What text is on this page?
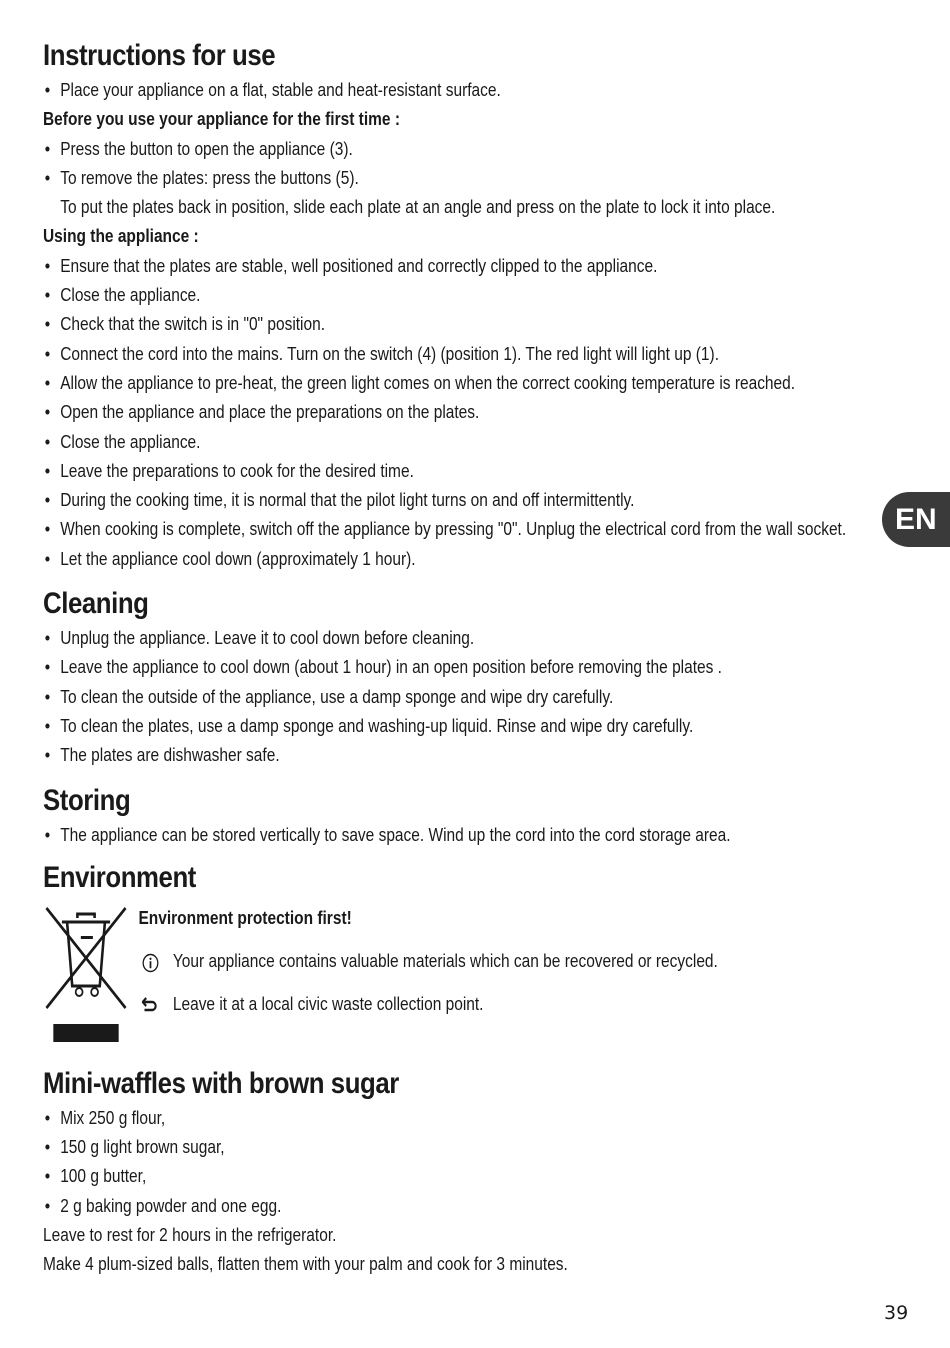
Instructions for use
• Place your appliance on a flat, stable and heat-resistant surface.

Before you use your appliance for the first time :

• Press the button to open the appliance (3).
• To remove the plates: press the buttons (5).

To put the plates back in position, slide each plate at an angle and press on the plate to lock it into place.

Using the appliance :

• Ensure that the plates are stable, well positioned and correctly clipped to the appliance.
• Close the appliance.
• Check that the switch is in "0" position.
• Connect the cord into the mains. Turn on the switch (4) (position 1). The red light will light up (1).
• Allow the appliance to pre-heat, the green light comes on when the correct cooking temperature is reached.
• Open the appliance and place the preparations on the plates.
• Close the appliance.
• Leave the preparations to cook for the desired time.
• During the cooking time, it is normal that the pilot light turns on and off intermittently.
• When cooking is complete, switch off the appliance by pressing "0". Unplug the electrical cord from the wall socket.
• Let the appliance cool down (approximately 1 hour).
Cleaning
• Unplug the appliance. Leave it to cool down before cleaning.
• Leave the appliance to cool down (about 1 hour) in an open position before removing the plates .
• To clean the outside of the appliance, use a damp sponge and wipe dry carefully.
• To clean the plates, use a damp sponge and washing-up liquid. Rinse and wipe dry carefully.
• The plates are dishwasher safe.
Storing
• The appliance can be stored vertically to save space. Wind up the cord into the cord storage area.
Environment

Environment protection first!

Your appliance contains valuable materials which can be recovered or recycled.
Leave it at a local civic waste collection point.
Mini-waffles with brown sugar
• Mix 250 g flour,
• 150 g light brown sugar,
• 100 g butter,
• 2 g baking powder and one egg.

Leave to rest for 2 hours in the refrigerator.

Make 4 plum-sized balls, flatten them with your palm and cook for 3 minutes.

EN
39
